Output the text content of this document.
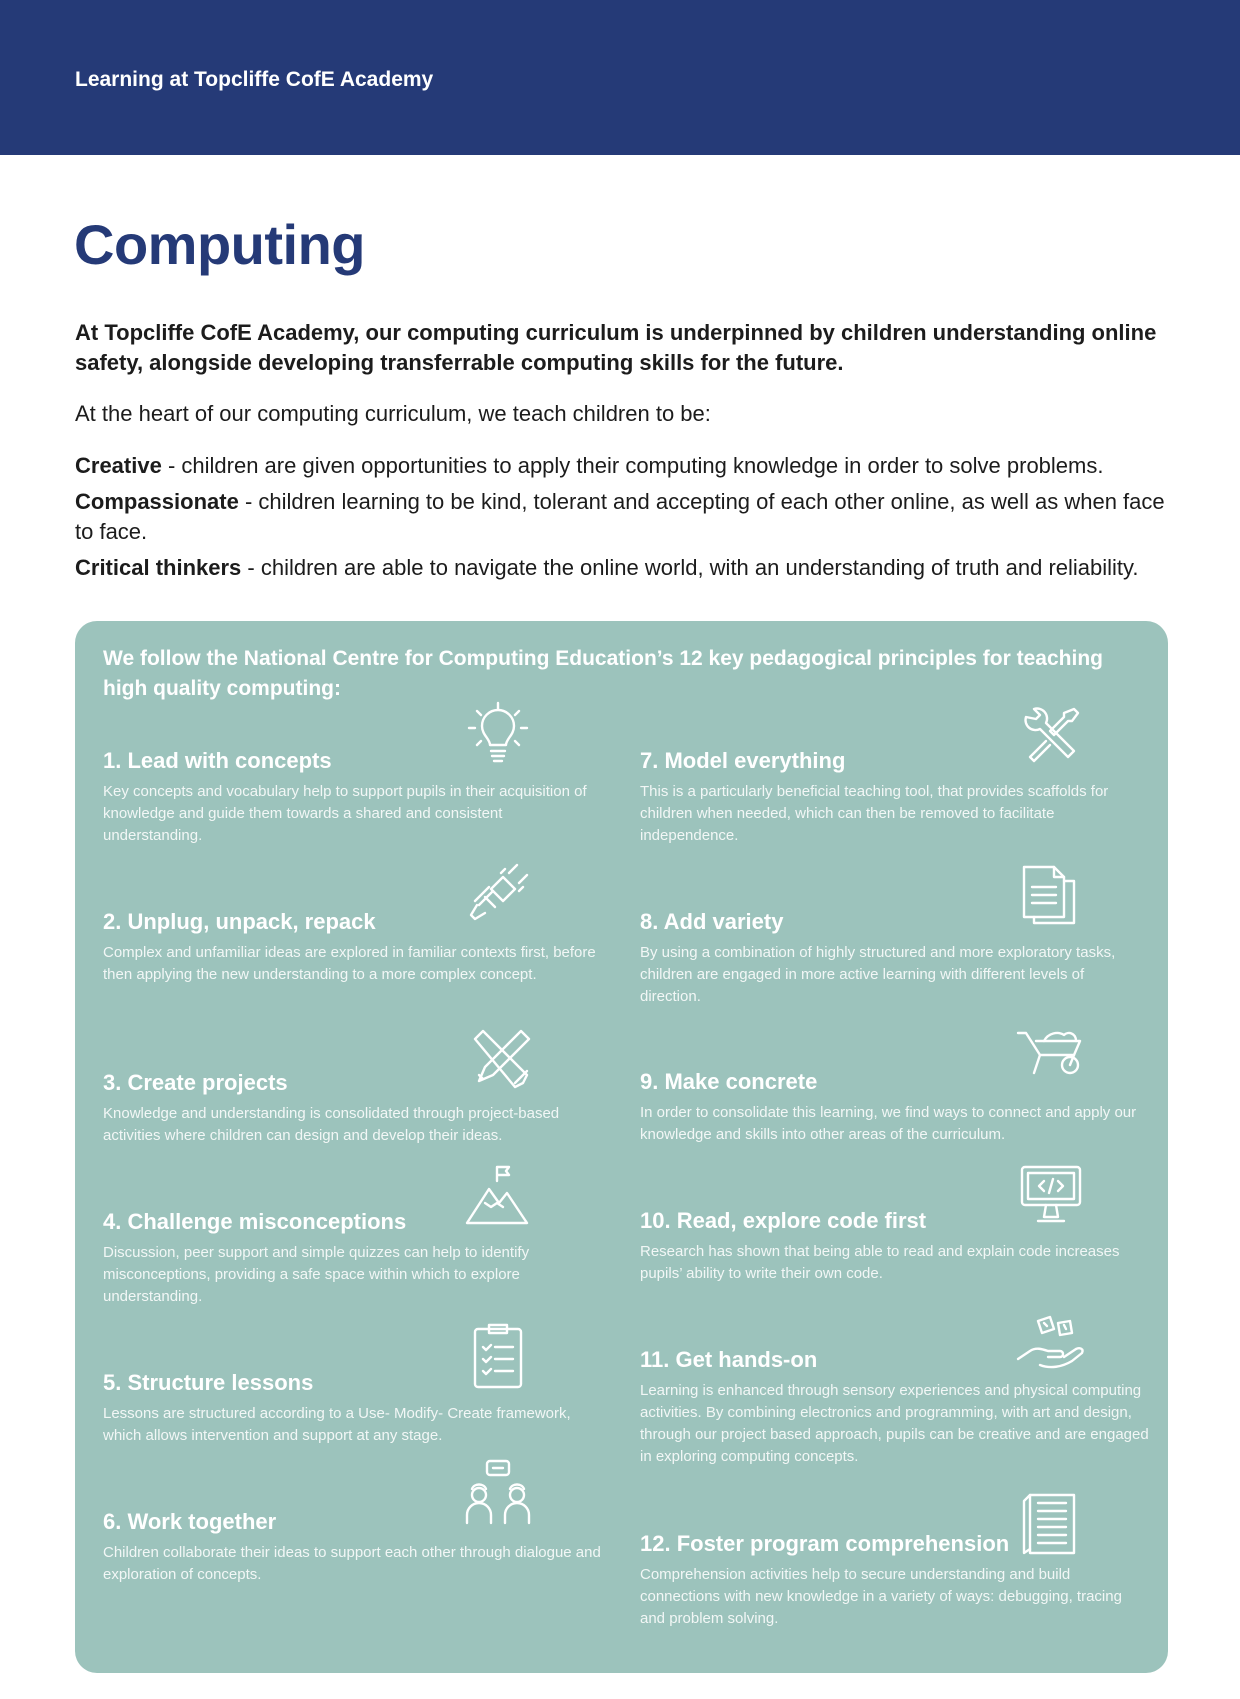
Learning at Topcliffe CofE Academy
Computing

At Topcliffe CofE Academy, our computing curriculum is underpinned by children understanding online safety, alongside developing transferrable computing skills for the future.

At the heart of our computing curriculum, we teach children to be:

Creative - children are given opportunities to apply their computing knowledge in order to solve problems.

Compassionate - children learning to be kind, tolerant and accepting of each other online, as well as when face to face.

Critical thinkers - children are able to navigate the online world, with an understanding of truth and reliability.

We follow the National Centre for Computing Education’s 12 key pedagogical principles for teaching high quality computing:

1. Lead with concepts

Key concepts and vocabulary help to support pupils in their acquisition of knowledge and guide them towards a shared and consistent understanding.

2. Unplug, unpack, repack

Complex and unfamiliar ideas are explored in familiar contexts first, before then applying the new understanding to a more complex concept.

3. Create projects

Knowledge and understanding is consolidated through project-based activities where children can design and develop their ideas.

4. Challenge misconceptions

Discussion, peer support and simple quizzes can help to identify misconceptions, providing a safe space within which to explore understanding.

5. Structure lessons

Lessons are structured according to a Use- Modify- Create framework, which allows intervention and support at any stage.

6. Work together

Children collaborate their ideas to support each other through dialogue and exploration of concepts.

7. Model everything

This is a particularly beneficial teaching tool, that provides scaffolds for children when needed, which can then be removed to facilitate independence.

8. Add variety

By using a combination of highly structured and more exploratory tasks, children are engaged in more active learning with different levels of direction.

9. Make concrete

In order to consolidate this learning, we find ways to connect and apply our knowledge and skills into other areas of the curriculum.

10. Read, explore code first

Research has shown that being able to read and explain code increases pupils’ ability to write their own code.

11. Get hands-on

Learning is enhanced through sensory experiences and physical computing activities. By combining electronics and programming, with art and design, through our project based approach, pupils can be creative and are engaged in exploring computing concepts.

12. Foster program comprehension

Comprehension activities help to secure understanding and build connections with new knowledge in a variety of ways: debugging, tracing and problem solving.
